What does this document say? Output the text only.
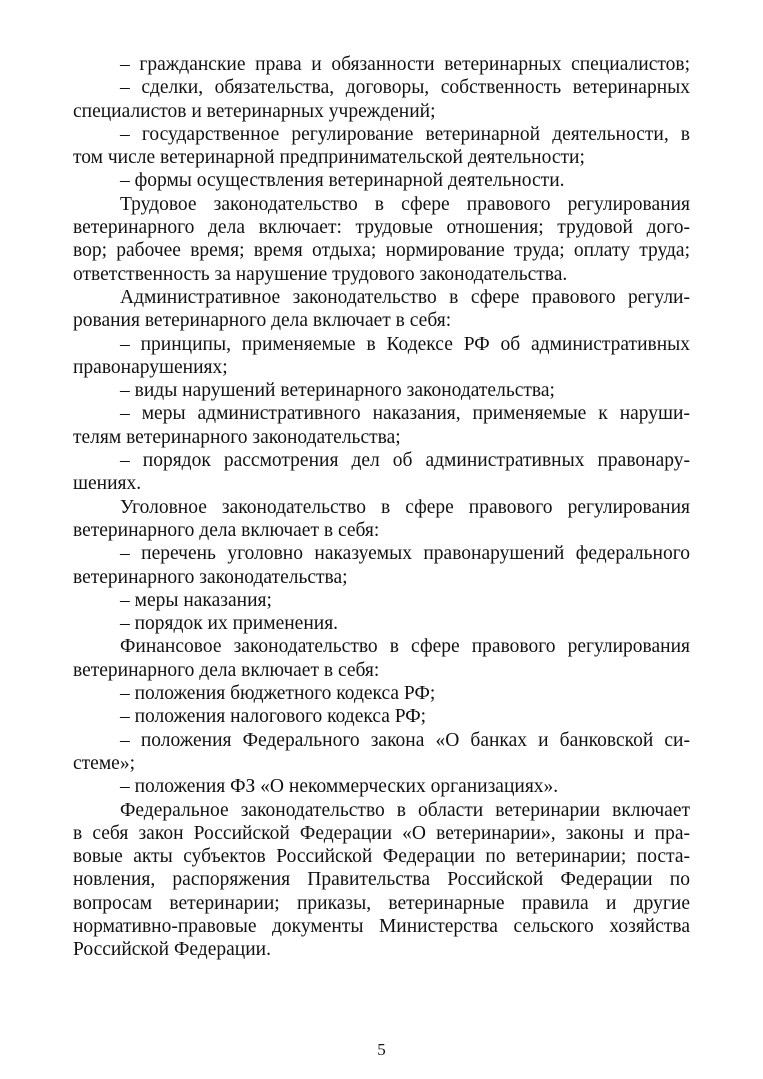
– гражданские права и обязанности ветеринарных специалистов;
– сделки, обязательства, договоры, собственность ветеринарных
специалистов и ветеринарных учреждений;
– государственное регулирование ветеринарной деятельности, в
том числе ветеринарной предпринимательской деятельности;
– формы осуществления ветеринарной деятельности.
Трудовое законодательство в сфере правового регулирования
ветеринарного дела включает: трудовые отношения; трудовой дого-
вор; рабочее время; время отдыха; нормирование труда; оплату труда;
ответственность за нарушение трудового законодательства.
Административное законодательство в сфере правового регули-
рования ветеринарного дела включает в себя:
– принципы, применяемые в Кодексе РФ об административных
правонарушениях;
– виды нарушений ветеринарного законодательства;
– меры административного наказания, применяемые к наруши-
телям ветеринарного законодательства;
– порядок рассмотрения дел об административных правонару-
шениях.
Уголовное законодательство в сфере правового регулирования
ветеринарного дела включает в себя:
– перечень уголовно наказуемых правонарушений федерального
ветеринарного законодательства;
– меры наказания;
– порядок их применения.
Финансовое законодательство в сфере правового регулирования
ветеринарного дела включает в себя:
– положения бюджетного кодекса РФ;
– положения налогового кодекса РФ;
– положения Федерального закона «О банках и банковской си-
стеме»;
– положения ФЗ «О некоммерческих организациях».
Федеральное законодательство в области ветеринарии включает
в себя закон Российской Федерации «О ветеринарии», законы и пра-
вовые акты субъектов Российской Федерации по ветеринарии; поста-
новления, распоряжения Правительства Российской Федерации по
вопросам ветеринарии; приказы, ветеринарные правила и другие
нормативно-правовые документы Министерства сельского хозяйства
Российской Федерации.
5
